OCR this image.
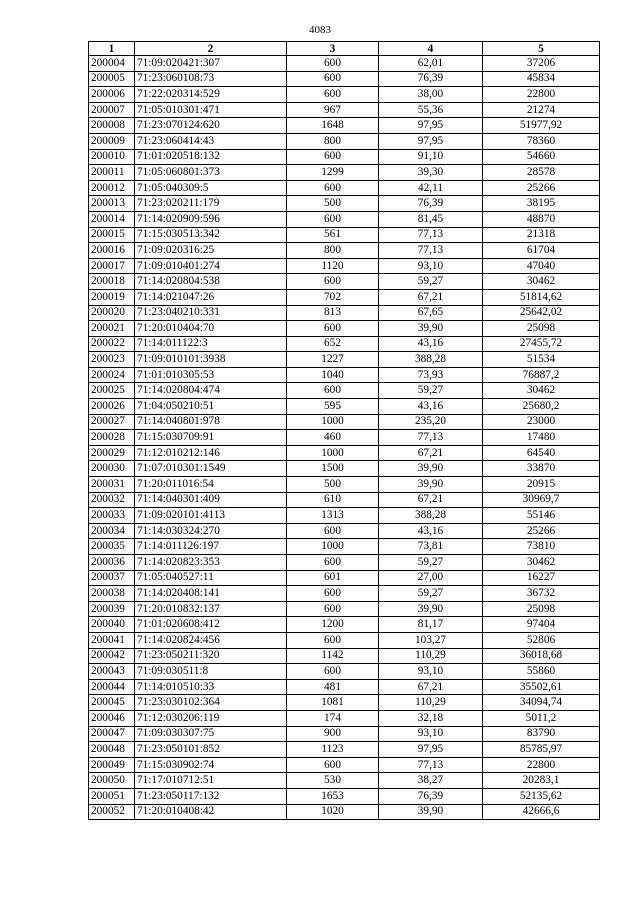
4083
1	2	3	4	5
200004	71:09:020421:307	600	62,01	37206
200005	71:23:060108:73	600	76,39	45834
200006	71:22:020314:529	600	38,00	22800
200007	71:05:010301:471	967	55,36	21274
200008	71:23:070124:620	1648	97,95	51977,92
200009	71:23:060414:43	800	97,95	78360
200010	71:01:020518:132	600	91,10	54660
200011	71:05:060801:373	1299	39,30	28578
200012	71:05:040309:5	600	42,11	25266
200013	71:23:020211:179	500	76,39	38195
200014	71:14:020909:596	600	81,45	48870
200015	71:15:030513:342	561	77,13	21318
200016	71:09:020316:25	800	77,13	61704
200017	71:09:010401:274	1120	93,10	47040
200018	71:14:020804:538	600	59,27	30462
200019	71:14:021047:26	702	67,21	51814,62
200020	71:23:040210:331	813	67,65	25642,02
200021	71:20:010404:70	600	39,90	25098
200022	71:14:011122:3	652	43,16	27455,72
200023	71:09:010101:3938	1227	388,28	51534
200024	71:01:010305:53	1040	73,93	76887,2
200025	71:14:020804:474	600	59,27	30462
200026	71:04:050210:51	595	43,16	25680,2
200027	71:14:040801:978	1000	235,20	23000
200028	71:15:030709:91	460	77,13	17480
200029	71:12:010212:146	1000	67,21	64540
200030	71:07:010301:1549	1500	39,90	33870
200031	71:20:011016:54	500	39,90	20915
200032	71:14:040301:409	610	67,21	30969,7
200033	71:09:020101:4113	1313	388,28	55146
200034	71:14:030324:270	600	43,16	25266
200035	71:14:011126:197	1000	73,81	73810
200036	71:14:020823:353	600	59,27	30462
200037	71:05:040527:11	601	27,00	16227
200038	71:14:020408:141	600	59,27	36732
200039	71:20:010832:137	600	39,90	25098
200040	71:01:020608:412	1200	81,17	97404
200041	71:14:020824:456	600	103,27	52806
200042	71:23:050211:320	1142	110,29	36018,68
200043	71:09:030511:8	600	93,10	55860
200044	71:14:010510:33	481	67,21	35502,61
200045	71:23:030102:364	1081	110,29	34094,74
200046	71:12:030206:119	174	32,18	5011,2
200047	71:09:030307:75	900	93,10	83790
200048	71:23:050101:852	1123	97,95	85785,97
200049	71:15:030902:74	600	77,13	22800
200050	71:17:010712:51	530	38,27	20283,1
200051	71:23:050117:132	1653	76,39	52135,62
200052	71:20:010408:42	1020	39,90	42666,6
